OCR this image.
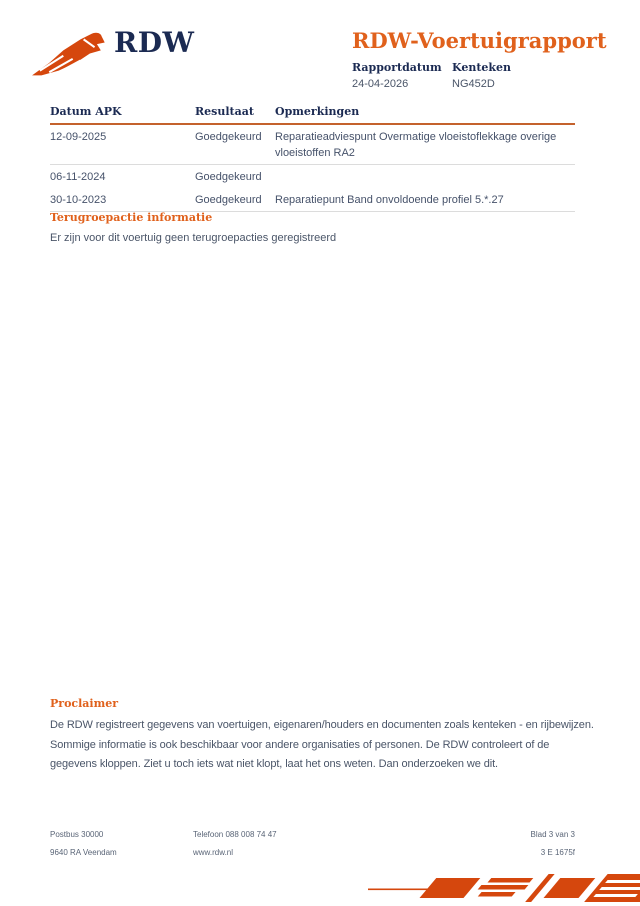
RDW	RDW-Voertuigrapport
Rapportdatum
24-04-2026
Kenteken
NG452D
Datum APK	Resultaat	Opmerkingen
12-09-2025	Goedgekeurd	Reparatieadviespunt Overmatige vloeistoflekkage overige vloeistoffen RA2
06-11-2024	Goedgekeurd
30-10-2023	Goedgekeurd	Reparatiepunt Band onvoldoende profiel 5.*.27
Terugroepactie informatie
Er zijn voor dit voertuig geen terugroepacties geregistreerd
Proclaimer
De RDW registreert gegevens van voertuigen, eigenaren/houders en documenten zoals kenteken - en rijbewijzen. Sommige informatie is ook beschikbaar voor andere organisaties of personen. De RDW controleert of de gegevens kloppen. Ziet u toch iets wat niet klopt, laat het ons weten. Dan onderzoeken we dit.
Postbus 30000
9640 RA Veendam
Telefoon 088 008 74 47
www.rdw.nl
Blad 3 van 3
3 E 1675f
